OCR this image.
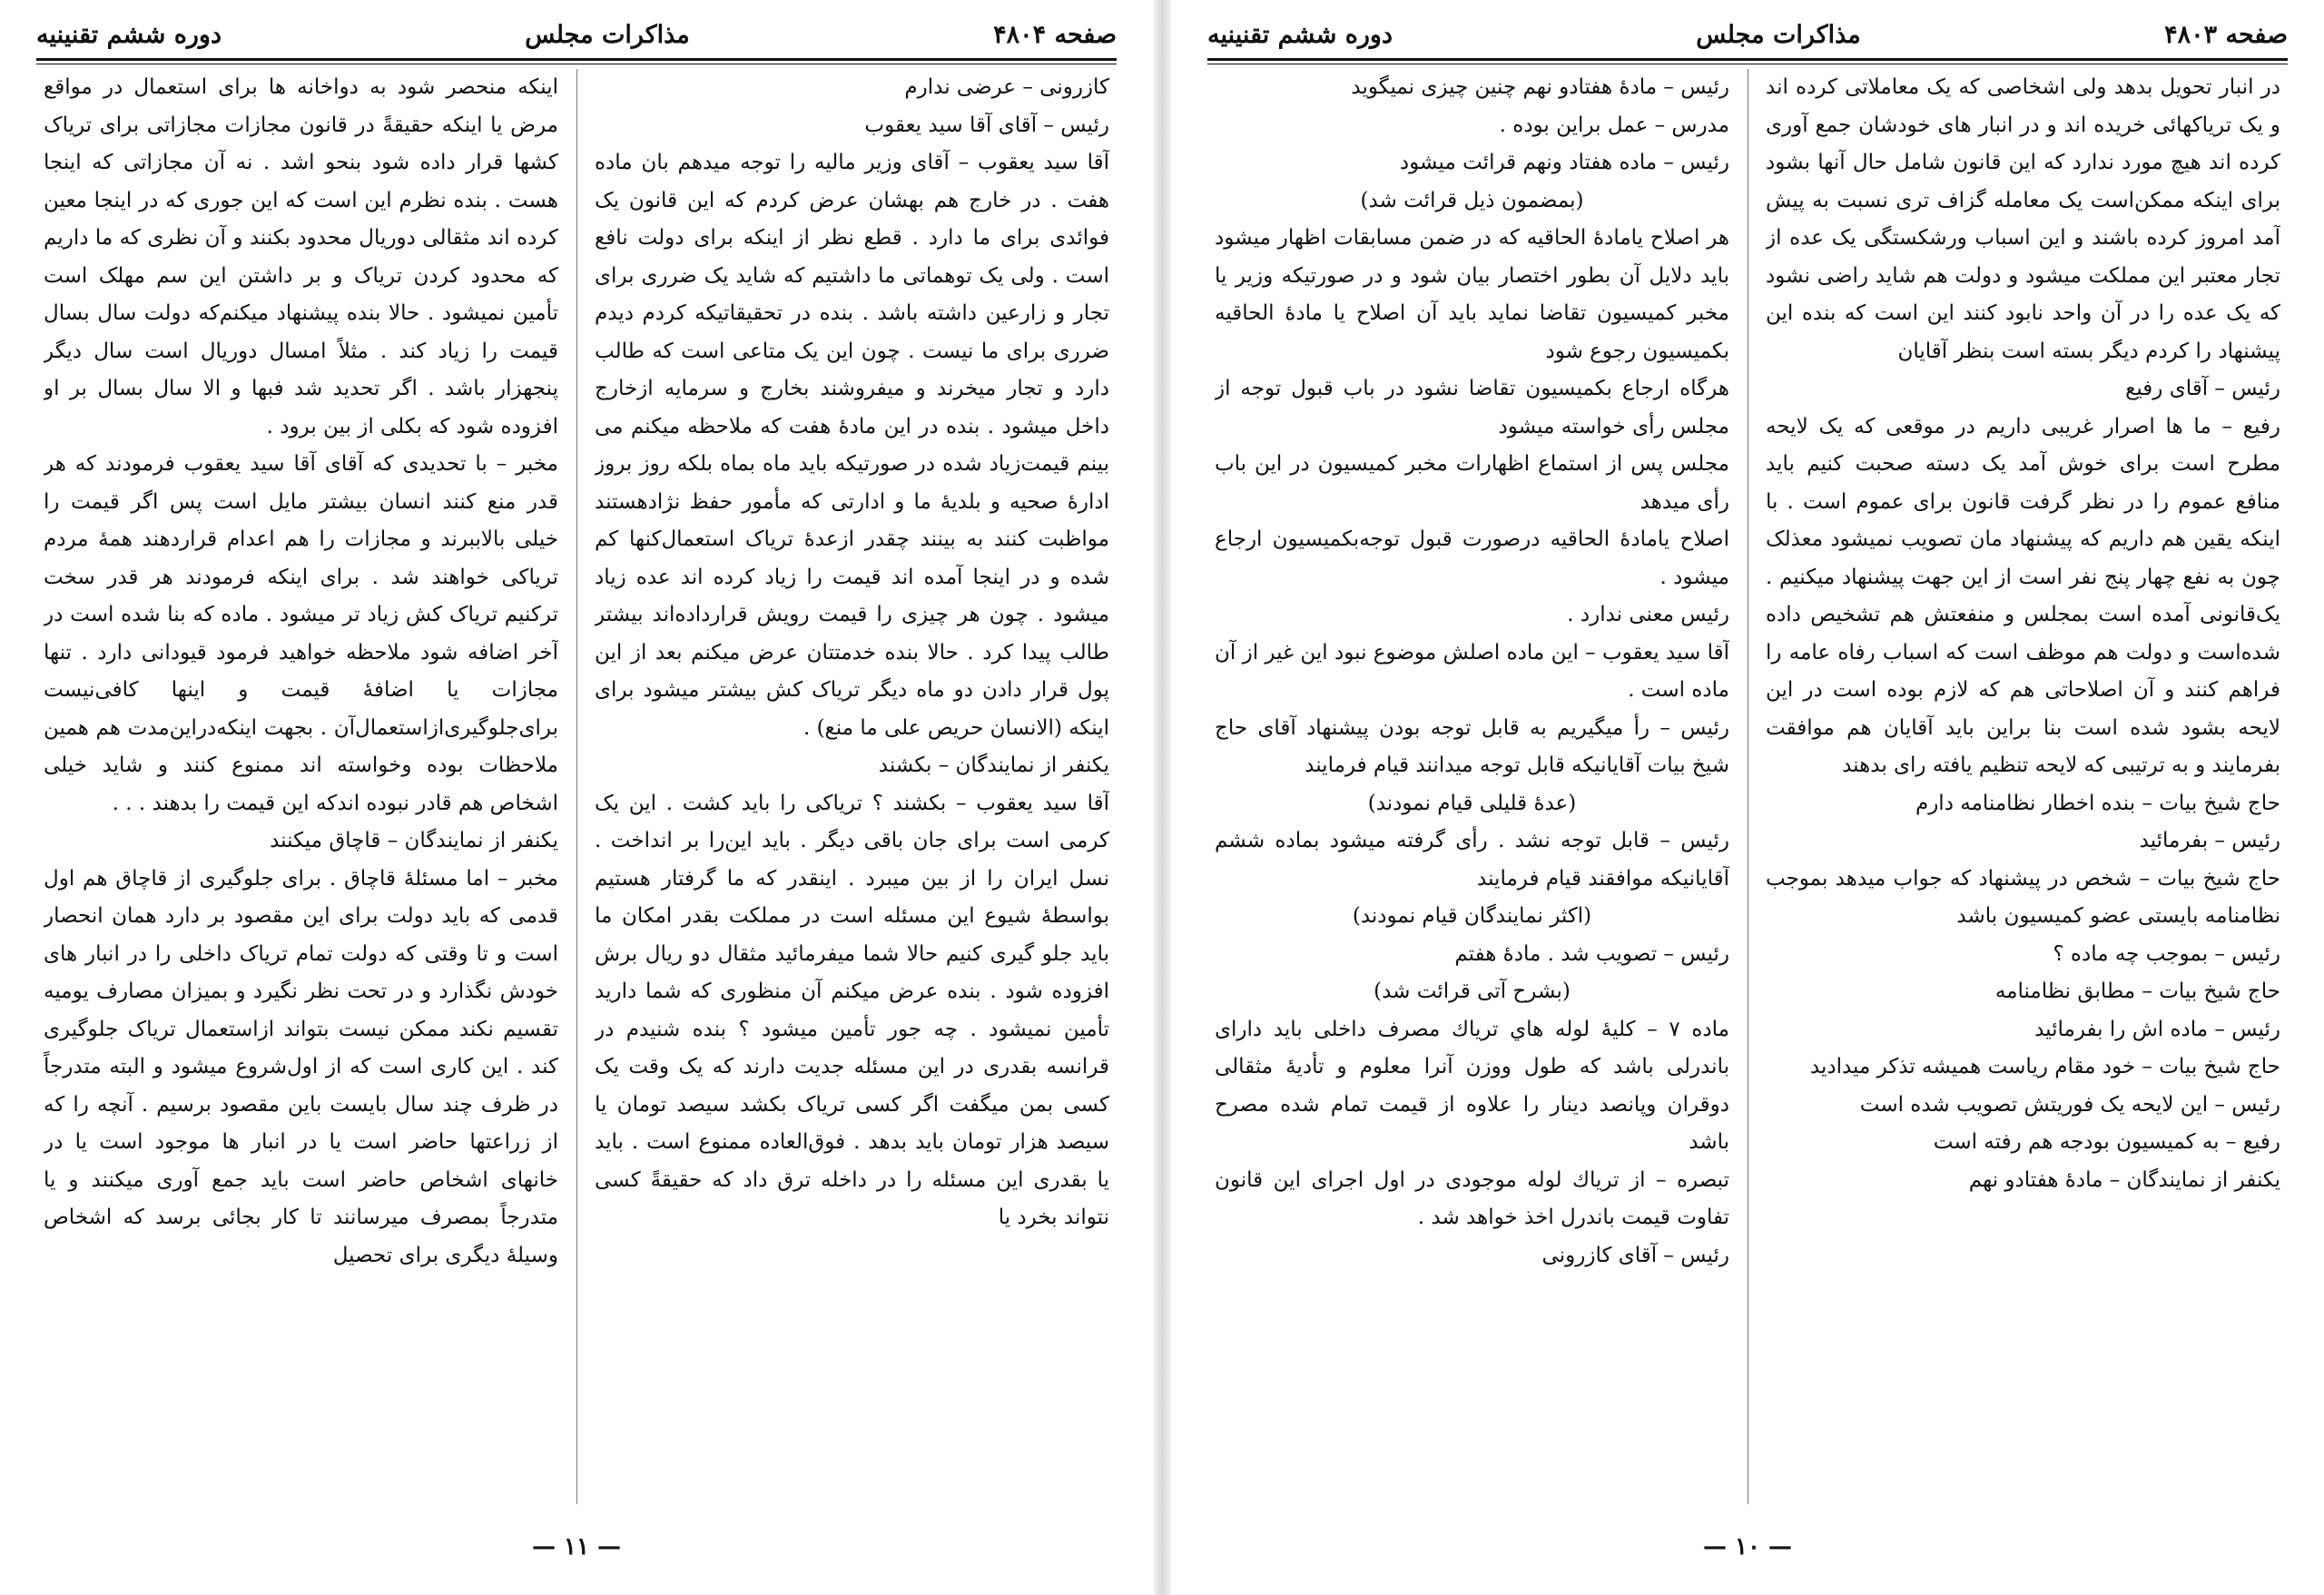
صفحه ۴۸۰۴
مذاکرات مجلس
دوره ششم تقنینیه

کازرونی – عرضی ندارم

رئیس – آقای آقا سید یعقوب

آقا سید یعقوب – آقای وزیر مالیه را توجه میدهم بان ماده هفت . در خارج هم بهشان عرض کردم که این قانون یک فوائدی برای ما دارد . قطع نظر از اینکه برای دولت نافع است . ولی یک توهماتی ما داشتیم که شاید یک ضرری برای تجار و زارعین داشته باشد . بنده در تحقیقاتیکه کردم دیدم ضرری برای ما نیست . چون این یک متاعی است که طالب دارد و تجار میخرند و میفروشند بخارج و سرمایه ازخارج داخل میشود . بنده در این مادهٔ هفت که ملاحظه میکنم می بینم قیمت‌زیاد شده در صورتیکه باید ماه بماه بلکه روز بروز ادارهٔ صحیه و بلدیهٔ ما و ادارتی که مأمور حفظ نژادهستند مواظبت کنند به بینند چقدر ازعدهٔ تریاک استعمال‌کنها کم شده و در اینجا آمده اند قیمت را زیاد کرده اند عده زیاد میشود . چون هر چیزی را قیمت رویش قرارداده‌اند بیشتر طالب پیدا کرد . حالا بنده خدمتتان عرض میکنم بعد از این پول قرار دادن دو ماه دیگر تریاک کش بیشتر میشود برای اینکه (الانسان حریص علی ما منع) .

یکنفر از نمایندگان – بکشند

آقا سید یعقوب – بکشند ؟ تریاکی را باید کشت . این یک کرمی است برای جان باقی دیگر . باید این‌را بر انداخت . نسل ایران را از بین میبرد . اینقدر که ما گرفتار هستیم بواسطهٔ شیوع این مسئله است در مملکت بقدر امکان ما باید جلو گیری کنیم حالا شما میفرمائید مثقال دو ریال برش افزوده شود . بنده عرض میکنم آن منظوری که شما دارید تأمین نمیشود . چه جور تأمین میشود ؟ بنده شنیدم در قرانسه بقدری در این مسئله جدیت دارند که یک وقت یک کسی بمن میگفت اگر کسی تریاک بکشد سیصد تومان یا سیصد هزار تومان باید بدهد . فوق‌العاده ممنوع است . باید یا بقدری این مسئله را در داخله ترق داد که حقیقةً کسی نتواند بخرد یا

اینکه منحصر شود به دواخانه ها برای استعمال در مواقع مرض یا اینکه حقیقةً در قانون مجازات مجازاتی برای تریاک کشها قرار داده شود بنحو اشد . نه آن مجازاتی که اینجا هست . بنده نظرم این است که این جوری که در اینجا معین کرده اند مثقالی دوریال محدود بکنند و آن نظری که ما داریم که محدود کردن تریاک و بر داشتن این سم مهلک است تأمین نمیشود . حالا بنده پیشنهاد میکنم‌که دولت سال بسال قیمت را زیاد کند . مثلاً امسال دوریال است سال دیگر پنجهزار باشد . اگر تحدید شد فبها و الا سال بسال بر او افزوده شود که بکلی از بین برود .

مخبر – با تحدیدی که آقای آقا سید یعقوب فرمودند که هر قدر منع کنند انسان بیشتر مایل است پس اگر قیمت را خیلی بالاببرند و مجازات را هم اعدام قراردهند همهٔ مردم تریاکی خواهند شد . برای اینکه فرمودند هر قدر سخت ترکنیم تریاک کش زیاد تر میشود . ماده که بنا شده است در آخر اضافه شود ملاحظه خواهید فرمود قیودانی دارد . تنها مجازات یا اضافهٔ قیمت و اینها کافی‌نیست برای‌جلوگیری‌ازاستعمال‌آن . بجهت اینکه‌در‌این‌مدت هم همین ملاحظات بوده وخواسته اند ممنوع کنند و شاید خیلی اشخاص هم قادر نبوده اندکه این قیمت را بدهند . . .

یکنفر از نمایندگان – قاچاق میکنند

مخبر – اما مسئلهٔ قاچاق . برای جلوگیری از قاچاق هم اول قدمی که باید دولت برای این مقصود بر دارد همان انحصار است و تا وقتی که دولت تمام تریاک داخلی را در انبار های خودش نگذارد و در تحت نظر نگیرد و بمیزان مصارف یومیه تقسیم نکند ممکن نیست بتواند ازاستعمال تریاک جلوگیری کند . این کاری است که از اول‌شروع میشود و البته متدرجاً در ظرف چند سال بایست باین مقصود برسیم . آنچه را که از زراعتها حاضر است یا در انبار ها موجود است یا در خانهای اشخاص حاضر است باید جمع آوری میکنند و یا متدرجاً بمصرف میرسانند تا کار بجائی برسد که اشخاص وسیلهٔ دیگری برای تحصیل

— ۱۱ —
صفحه ۴۸۰۳
مذاکرات مجلس
دوره ششم تقنینیه

در انبار تحویل بدهد ولی اشخاصی که یک معاملاتی کرده اند و یک تریاکهائی خریده اند و در انبار های خودشان جمع آوری کرده اند هیچ مورد ندارد که این قانون شامل حال آنها بشود برای اینکه ممکن‌است یک معامله گزاف تری نسبت به پیش آمد امروز کرده باشند و این اسباب ورشکستگی یک عده از تجار معتبر این مملکت میشود و دولت هم شاید راضی نشود که یک عده را در آن واحد نابود کنند این است که بنده این پیشنهاد را کردم دیگر بسته است بنظر آقایان

رئیس – آقای رفیع

رفیع – ما ها اصرار غریبی داریم در موقعی که یک لایحه مطرح است برای خوش آمد یک دسته صحبت کنیم باید منافع عموم را در نظر گرفت قانون برای عموم است . با اینکه یقین هم داریم که پیشنهاد مان تصویب نمیشود معذلک چون به نفع چهار پنج نفر است از این جهت پیشنهاد میکنیم . یک‌قانونی آمده است بمجلس و منفعتش هم تشخیص داده شده‌است و دولت هم موظف است که اسباب رفاه عامه را فراهم کنند و آن اصلاحاتی هم که لازم بوده است در این لایحه بشود شده است بنا براین باید آقایان هم موافقت بفرمایند و به ترتیبی که لایحه تنظیم یافته رای بدهند

حاج شیخ بیات – بنده اخطار نظامنامه دارم

رئیس – بفرمائید

حاج شیخ بیات – شخص در پیشنهاد که جواب میدهد بموجب نظامنامه بایستی عضو کمیسیون باشد

رئیس – بموجب چه ماده ؟

حاج شیخ بیات – مطابق نظامنامه

رئیس – ماده اش را بفرمائید

حاج شیخ بیات – خود مقام ریاست همیشه تذکر میدادید

رئیس – این لایحه یک فوریتش تصویب شده است

رفیع – به کمیسیون بودجه هم رفته است

یکنفر از نمایندگان – مادهٔ هفتادو نهم

رئیس – مادهٔ هفتادو نهم چنین چیزی نمیگوید

مدرس – عمل براین بوده .

رئیس – ماده هفتاد ونهم قرائت میشود

(بمضمون ذیل قرائت شد)

هر اصلاح یامادهٔ الحاقیه که در ضمن مسابقات اظهار میشود باید دلایل آن بطور اختصار بیان شود و در صورتیکه وزیر یا مخبر کمیسیون تقاضا نماید باید آن اصلاح یا مادهٔ الحاقیه بکمیسیون رجوع شود

هرگاه ارجاع بکمیسیون تقاضا نشود در باب قبول توجه از مجلس رأی خواسته میشود

مجلس پس از استماع اظهارات مخبر کمیسیون در این باب رأی میدهد

اصلاح یامادهٔ الحاقیه درصورت قبول توجه‌بکمیسیون ارجاع میشود .

رئیس معنی ندارد .

آقا سید یعقوب – این ماده اصلش موضوع نبود این غیر از آن ماده است .

رئیس – رأ میگیریم به قابل توجه بودن پیشنهاد آقای حاج شیخ بیات آقایانیکه قابل توجه میدانند قیام فرمایند

(عدهٔ قلیلی قیام نمودند)

رئیس – قابل توجه نشد . رأی گرفته میشود بماده ششم آقایانیکه موافقند قیام فرمایند

(اکثر نمایندگان قیام نمودند)

رئیس – تصویب شد . مادهٔ هفتم

(بشرح آتی قرائت شد)

ماده ۷ – کلیهٔ لوله هاي تریاك مصرف داخلی باید دارای باندرلی باشد که طول ووزن آنرا معلوم و تأدیهٔ مثقالی دوقران وپانصد دینار را علاوه از قیمت تمام شده مصرح باشد

تبصره – از تریاك لوله موجودی در اول اجرای این قانون تفاوت قیمت باندرل اخذ خواهد شد .

رئیس – آقای کازرونی

— ۱۰ —
